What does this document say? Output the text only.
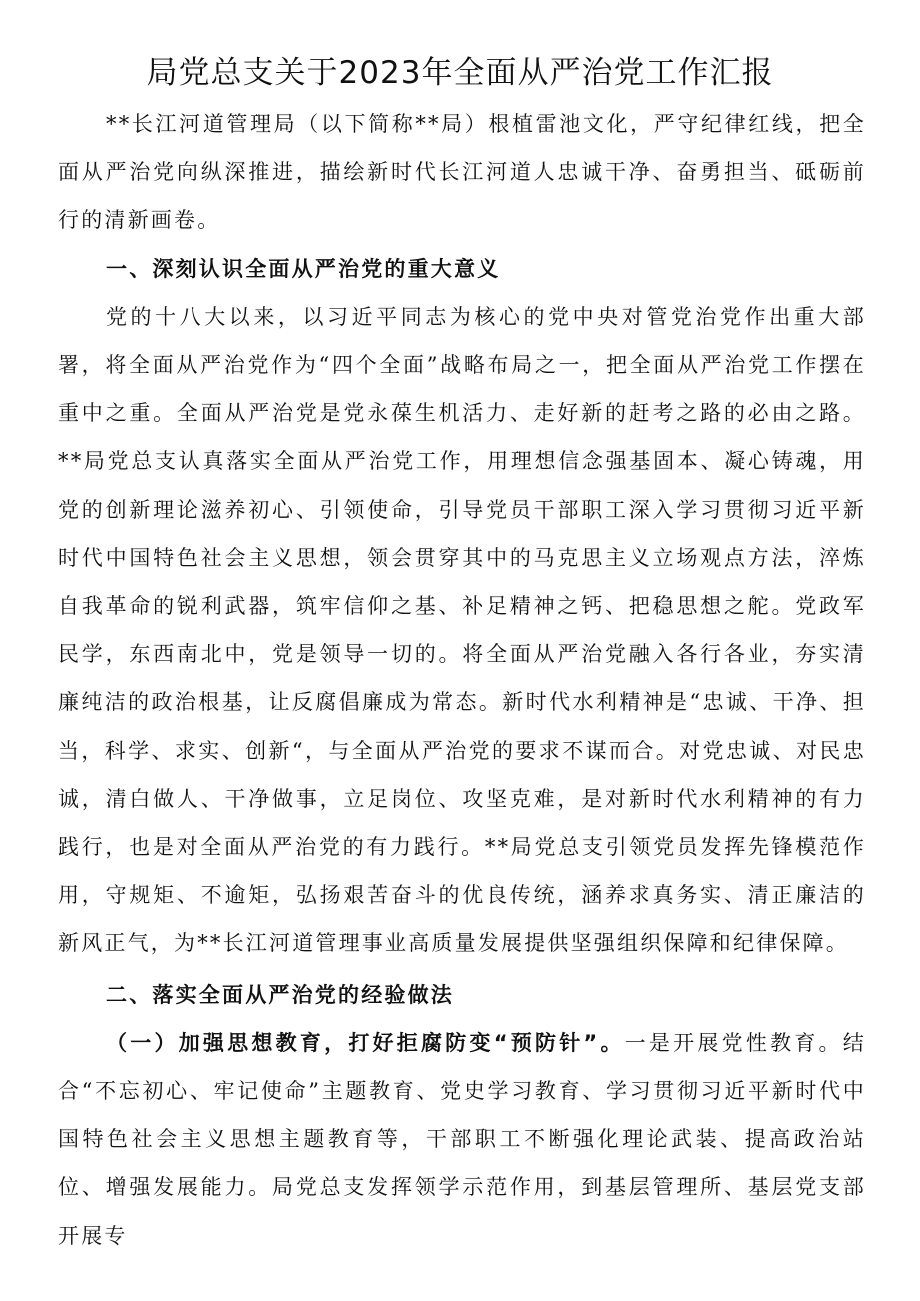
局党总支关于2023年全面从严治党工作汇报

**长江河道管理局（以下简称**局）根植雷池文化，严守纪律红线，把全面从严治党向纵深推进，描绘新时代长江河道人忠诚干净、奋勇担当、砥砺前行的清新画卷。

一、深刻认识全面从严治党的重大意义

党的十八大以来，以习近平同志为核心的党中央对管党治党作出重大部署，将全面从严治党作为“四个全面”战略布局之一，把全面从严治党工作摆在重中之重。全面从严治党是党永葆生机活力、走好新的赶考之路的必由之路。**局党总支认真落实全面从严治党工作，用理想信念强基固本、凝心铸魂，用党的创新理论滋养初心、引领使命，引导党员干部职工深入学习贯彻习近平新时代中国特色社会主义思想，领会贯穿其中的马克思主义立场观点方法，淬炼自我革命的锐利武器，筑牢信仰之基、补足精神之钙、把稳思想之舵。党政军民学，东西南北中，党是领导一切的。将全面从严治党融入各行各业，夯实清廉纯洁的政治根基，让反腐倡廉成为常态。新时代水利精神是“忠诚、干净、担当，科学、求实、创新“，与全面从严治党的要求不谋而合。对党忠诚、对民忠诚，清白做人、干净做事，立足岗位、攻坚克难，是对新时代水利精神的有力践行，也是对全面从严治党的有力践行。**局党总支引领党员发挥先锋模范作用，守规矩、不逾矩，弘扬艰苦奋斗的优良传统，涵养求真务实、清正廉洁的新风正气，为**长江河道管理事业高质量发展提供坚强组织保障和纪律保障。

二、落实全面从严治党的经验做法

（一）加强思想教育，打好拒腐防变“预防针”。一是开展党性教育。结合“不忘初心、牢记使命”主题教育、党史学习教育、学习贯彻习近平新时代中国特色社会主义思想主题教育等，干部职工不断强化理论武装、提高政治站位、增强发展能力。局党总支发挥领学示范作用，到基层管理所、基层党支部开展专
